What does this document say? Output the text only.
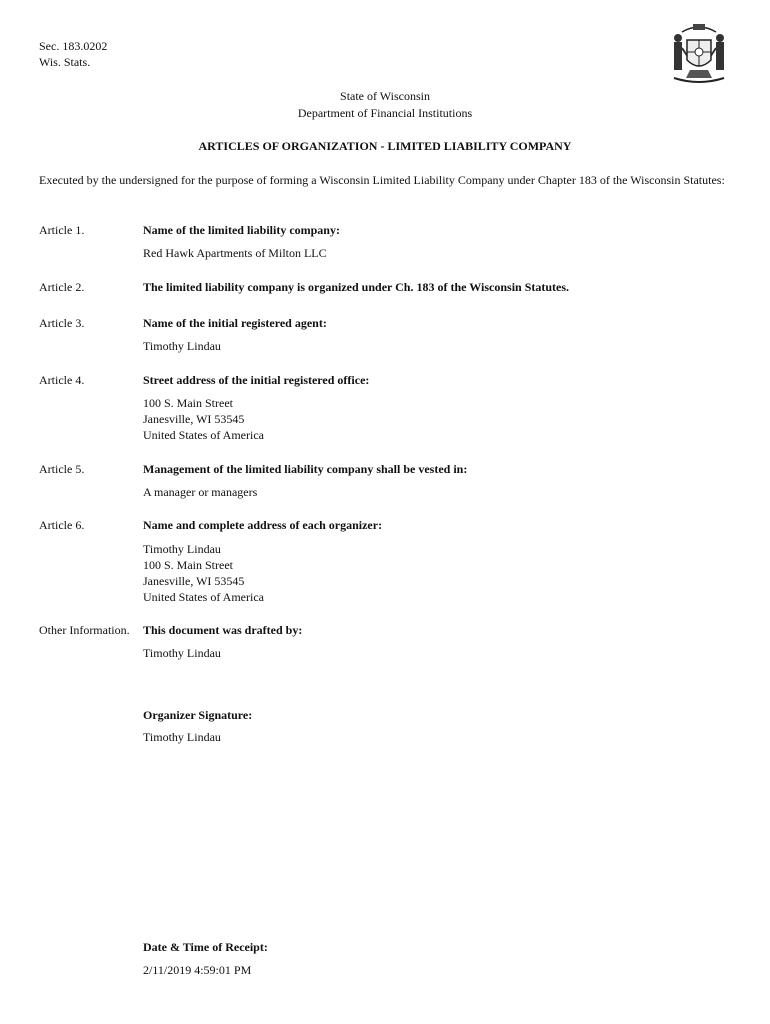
Sec. 183.0202
Wis. Stats.
State of Wisconsin
Department of Financial Institutions
ARTICLES OF ORGANIZATION - LIMITED LIABILITY COMPANY
Executed by the undersigned for the purpose of forming a Wisconsin Limited Liability Company under Chapter 183 of the Wisconsin Statutes:
Article 1.	Name of the limited liability company:
Red Hawk Apartments of Milton LLC
Article 2.	The limited liability company is organized under Ch. 183 of the Wisconsin Statutes.
Article 3.	Name of the initial registered agent:
Timothy Lindau
Article 4.	Street address of the initial registered office:
100 S. Main Street
Janesville, WI 53545
United States of America
Article 5.	Management of the limited liability company shall be vested in:
A manager or managers
Article 6.	Name and complete address of each organizer:
Timothy Lindau
100 S. Main Street
Janesville, WI 53545
United States of America
Other Information. This document was drafted by:
Timothy Lindau
Organizer Signature:
Timothy Lindau
Date & Time of Receipt:
2/11/2019 4:59:01 PM
